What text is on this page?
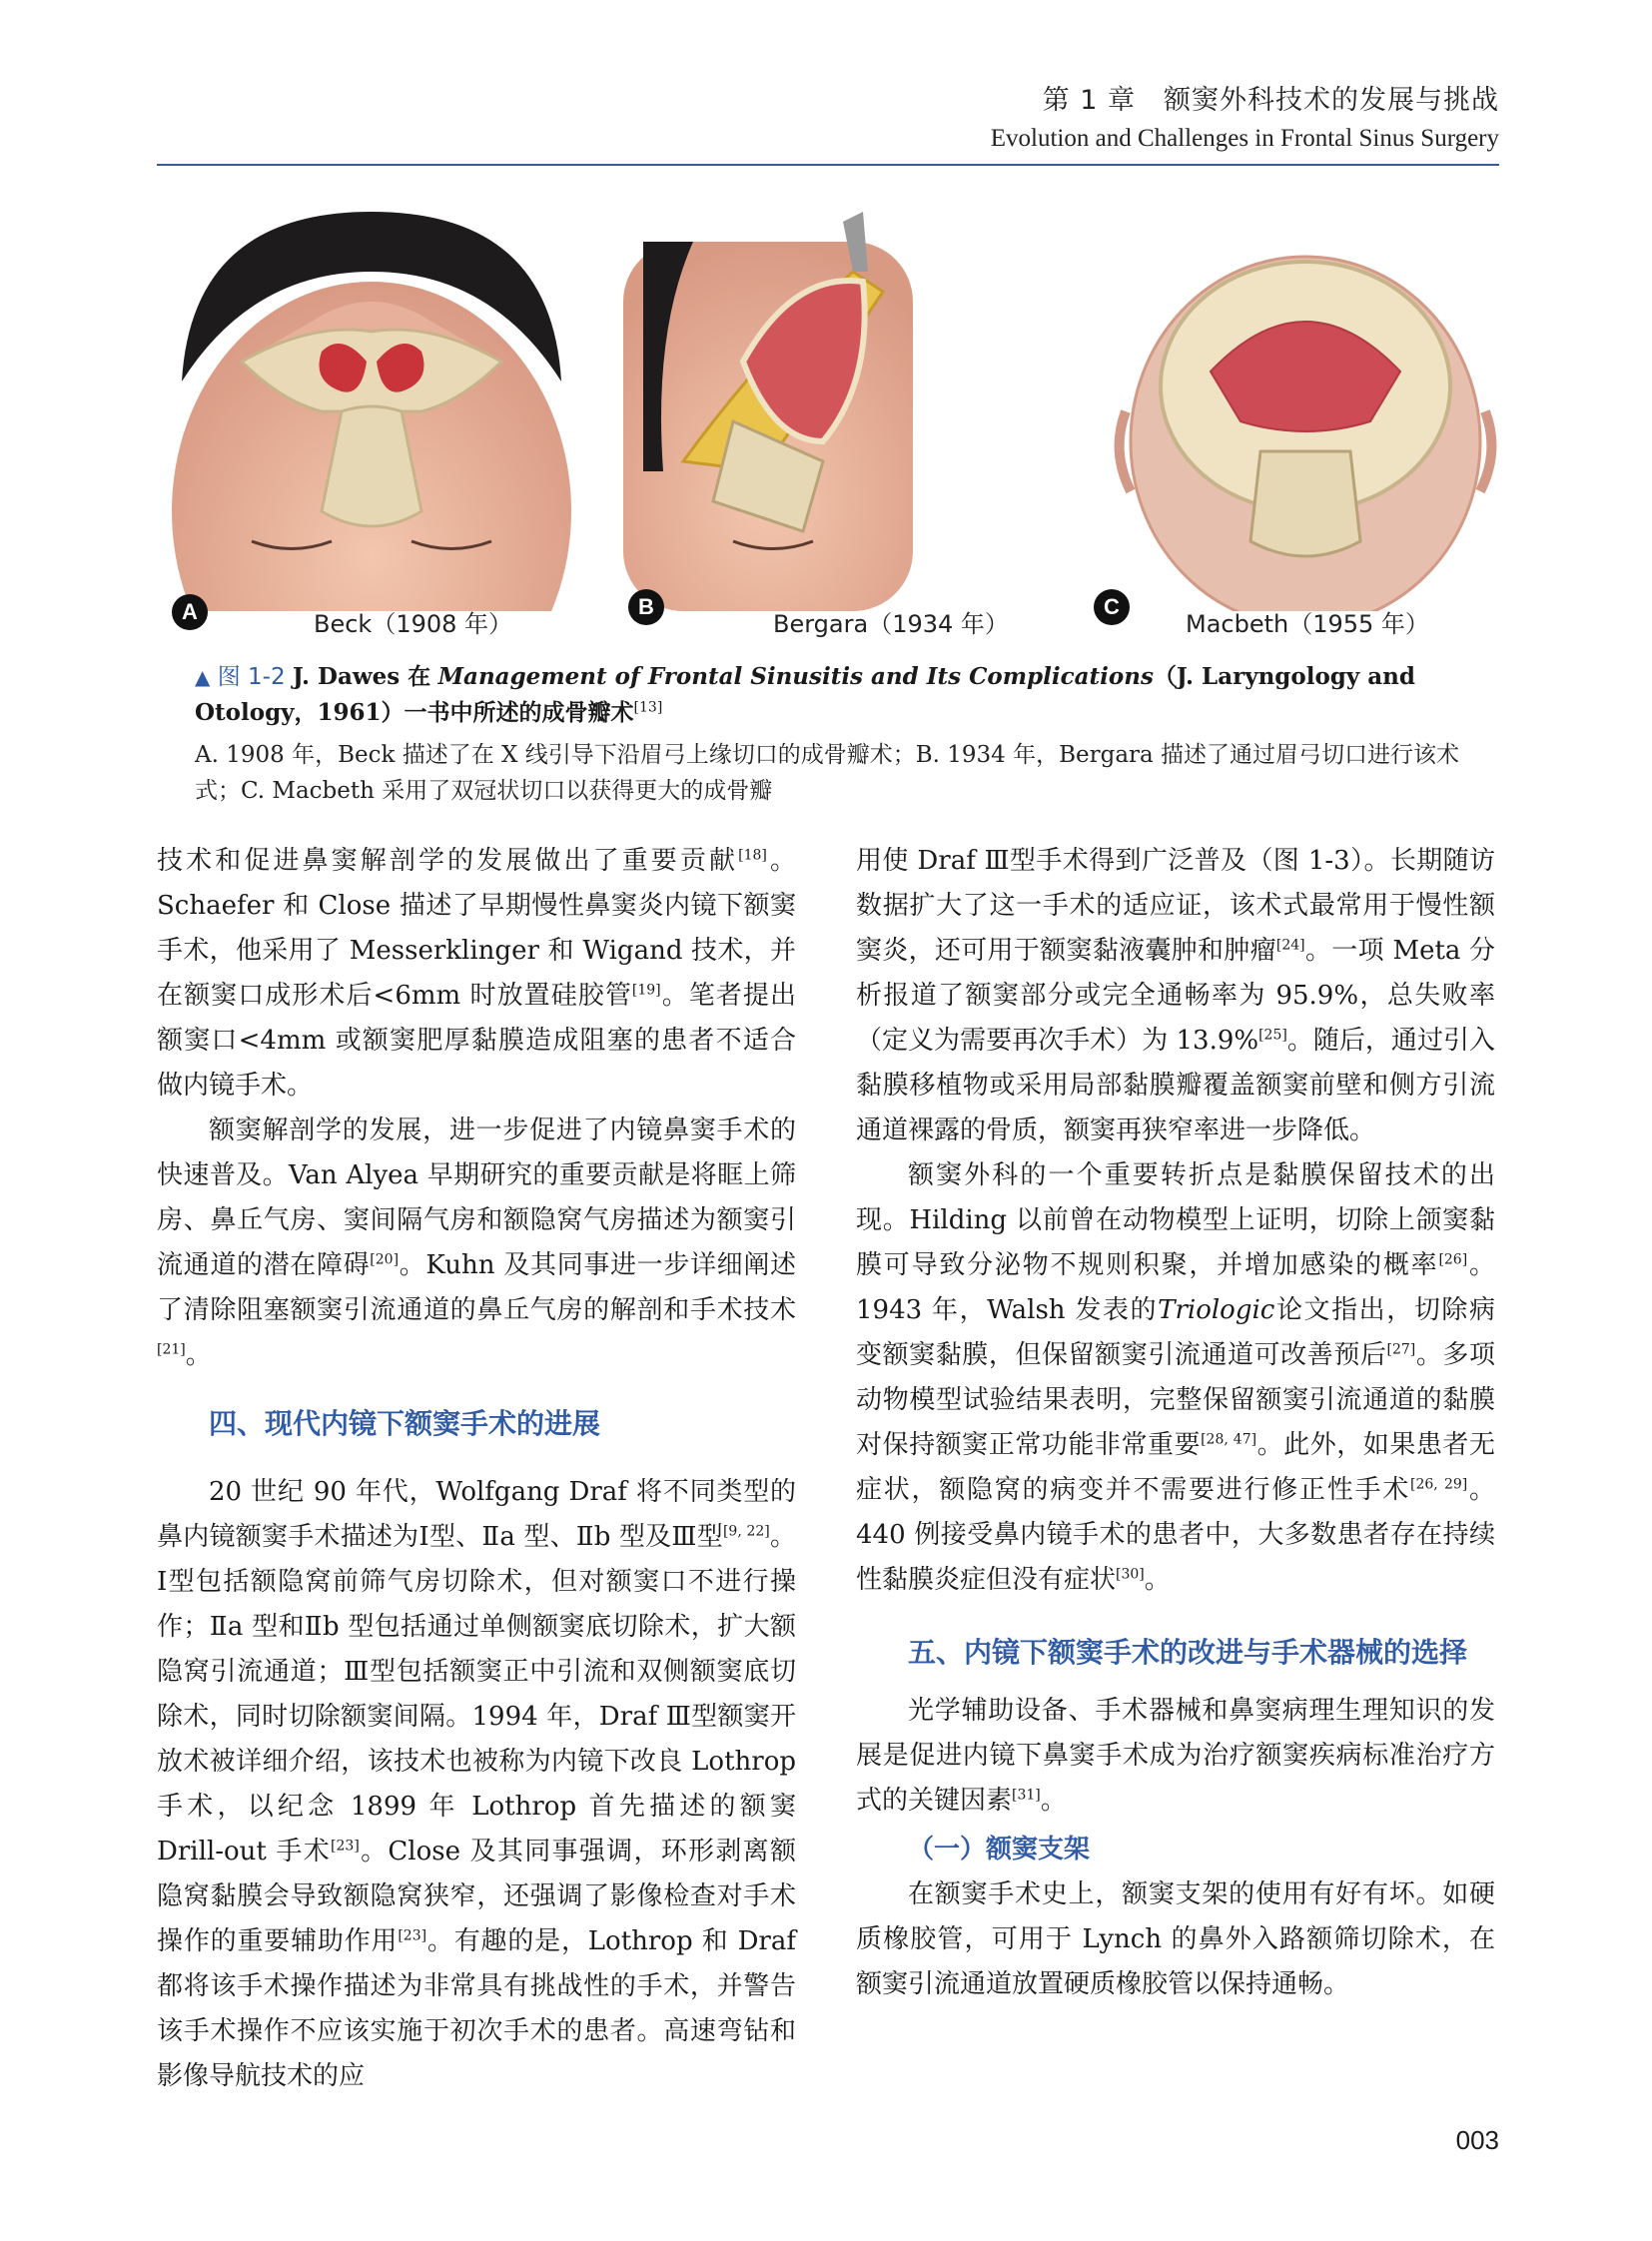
第 1 章　额窦外科技术的发展与挑战
Evolution and Challenges in Frontal Sinus Surgery
A	Beck（1908 年）
B
Bergara（1934 年）
C
Macbeth（1955 年）
▲ 图 1-2 J. Dawes 在 Management of Frontal Sinusitis and Its Complications（J. Laryngology and Otology，1961）一书中所述的成骨瓣术[13]
A. 1908 年，Beck 描述了在 X 线引导下沿眉弓上缘切口的成骨瓣术；B. 1934 年，Bergara 描述了通过眉弓切口进行该术式；C. Macbeth 采用了双冠状切口以获得更大的成骨瓣

技术和促进鼻窦解剖学的发展做出了重要贡献[18]。Schaefer 和 Close 描述了早期慢性鼻窦炎内镜下额窦手术，他采用了 Messerklinger 和 Wigand 技术，并在额窦口成形术后<6mm 时放置硅胶管[19]。笔者提出额窦口<4mm 或额窦肥厚黏膜造成阻塞的患者不适合做内镜手术。

额窦解剖学的发展，进一步促进了内镜鼻窦手术的快速普及。Van Alyea 早期研究的重要贡献是将眶上筛房、鼻丘气房、窦间隔气房和额隐窝气房描述为额窦引流通道的潜在障碍[20]。Kuhn 及其同事进一步详细阐述了清除阻塞额窦引流通道的鼻丘气房的解剖和手术技术[21]。

四、现代内镜下额窦手术的进展

20 世纪 90 年代，Wolfgang Draf 将不同类型的鼻内镜额窦手术描述为Ⅰ型、Ⅱa 型、Ⅱb 型及Ⅲ型[9, 22]。Ⅰ型包括额隐窝前筛气房切除术，但对额窦口不进行操作；Ⅱa 型和Ⅱb 型包括通过单侧额窦底切除术，扩大额隐窝引流通道；Ⅲ型包括额窦正中引流和双侧额窦底切除术，同时切除额窦间隔。1994 年，Draf Ⅲ型额窦开放术被详细介绍，该技术也被称为内镜下改良 Lothrop 手术，以纪念 1899 年 Lothrop 首先描述的额窦 Drill-out 手术[23]。Close 及其同事强调，环形剥离额隐窝黏膜会导致额隐窝狭窄，还强调了影像检查对手术操作的重要辅助作用[23]。有趣的是，Lothrop 和 Draf 都将该手术操作描述为非常具有挑战性的手术，并警告该手术操作不应该实施于初次手术的患者。高速弯钻和影像导航技术的应

用使 Draf Ⅲ型手术得到广泛普及（图 1-3）。长期随访数据扩大了这一手术的适应证，该术式最常用于慢性额窦炎，还可用于额窦黏液囊肿和肿瘤[24]。一项 Meta 分析报道了额窦部分或完全通畅率为 95.9%，总失败率（定义为需要再次手术）为 13.9%[25]。随后，通过引入黏膜移植物或采用局部黏膜瓣覆盖额窦前壁和侧方引流通道裸露的骨质，额窦再狭窄率进一步降低。

额窦外科的一个重要转折点是黏膜保留技术的出现。Hilding 以前曾在动物模型上证明，切除上颌窦黏膜可导致分泌物不规则积聚，并增加感染的概率[26]。1943 年，Walsh 发表的Triologic论文指出，切除病变额窦黏膜，但保留额窦引流通道可改善预后[27]。多项动物模型试验结果表明，完整保留额窦引流通道的黏膜对保持额窦正常功能非常重要[28, 47]。此外，如果患者无症状，额隐窝的病变并不需要进行修正性手术[26, 29]。440 例接受鼻内镜手术的患者中，大多数患者存在持续性黏膜炎症但没有症状[30]。

五、内镜下额窦手术的改进与手术器械的选择

光学辅助设备、手术器械和鼻窦病理生理知识的发展是促进内镜下鼻窦手术成为治疗额窦疾病标准治疗方式的关键因素[31]。

（一）额窦支架

在额窦手术史上，额窦支架的使用有好有坏。如硬质橡胶管，可用于 Lynch 的鼻外入路额筛切除术，在额窦引流通道放置硬质橡胶管以保持通畅。

003
